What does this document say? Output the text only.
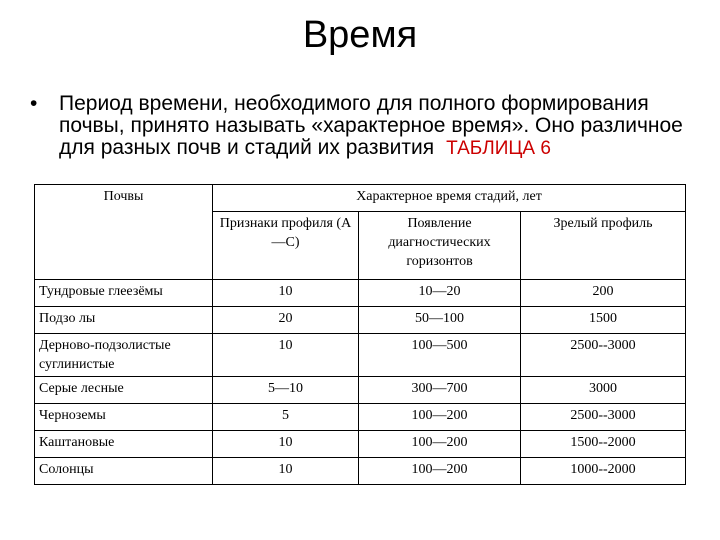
Время
• Период времени, необходимого для полного формирования почвы, принято называть «характерное время». Оно различное для разных почв и стадий их развития ТАБЛИЦА 6
Почвы	Характерное время стадий, лет		
	Признаки профиля (А—С)	Появление диагностических горизонтов	Зрелый профиль
Тундровые глеезёмы	10	10—20	200
Подзо лы	20	50—100	1500
Дерново-подзолистые суглинистые	10	100—500	2500--3000
Серые лесные	5—10	300—700	3000
Черноземы	5	100—200	2500--3000
Каштановые	10	100—200	1500--2000
Солонцы	10	100—200	1000--2000
